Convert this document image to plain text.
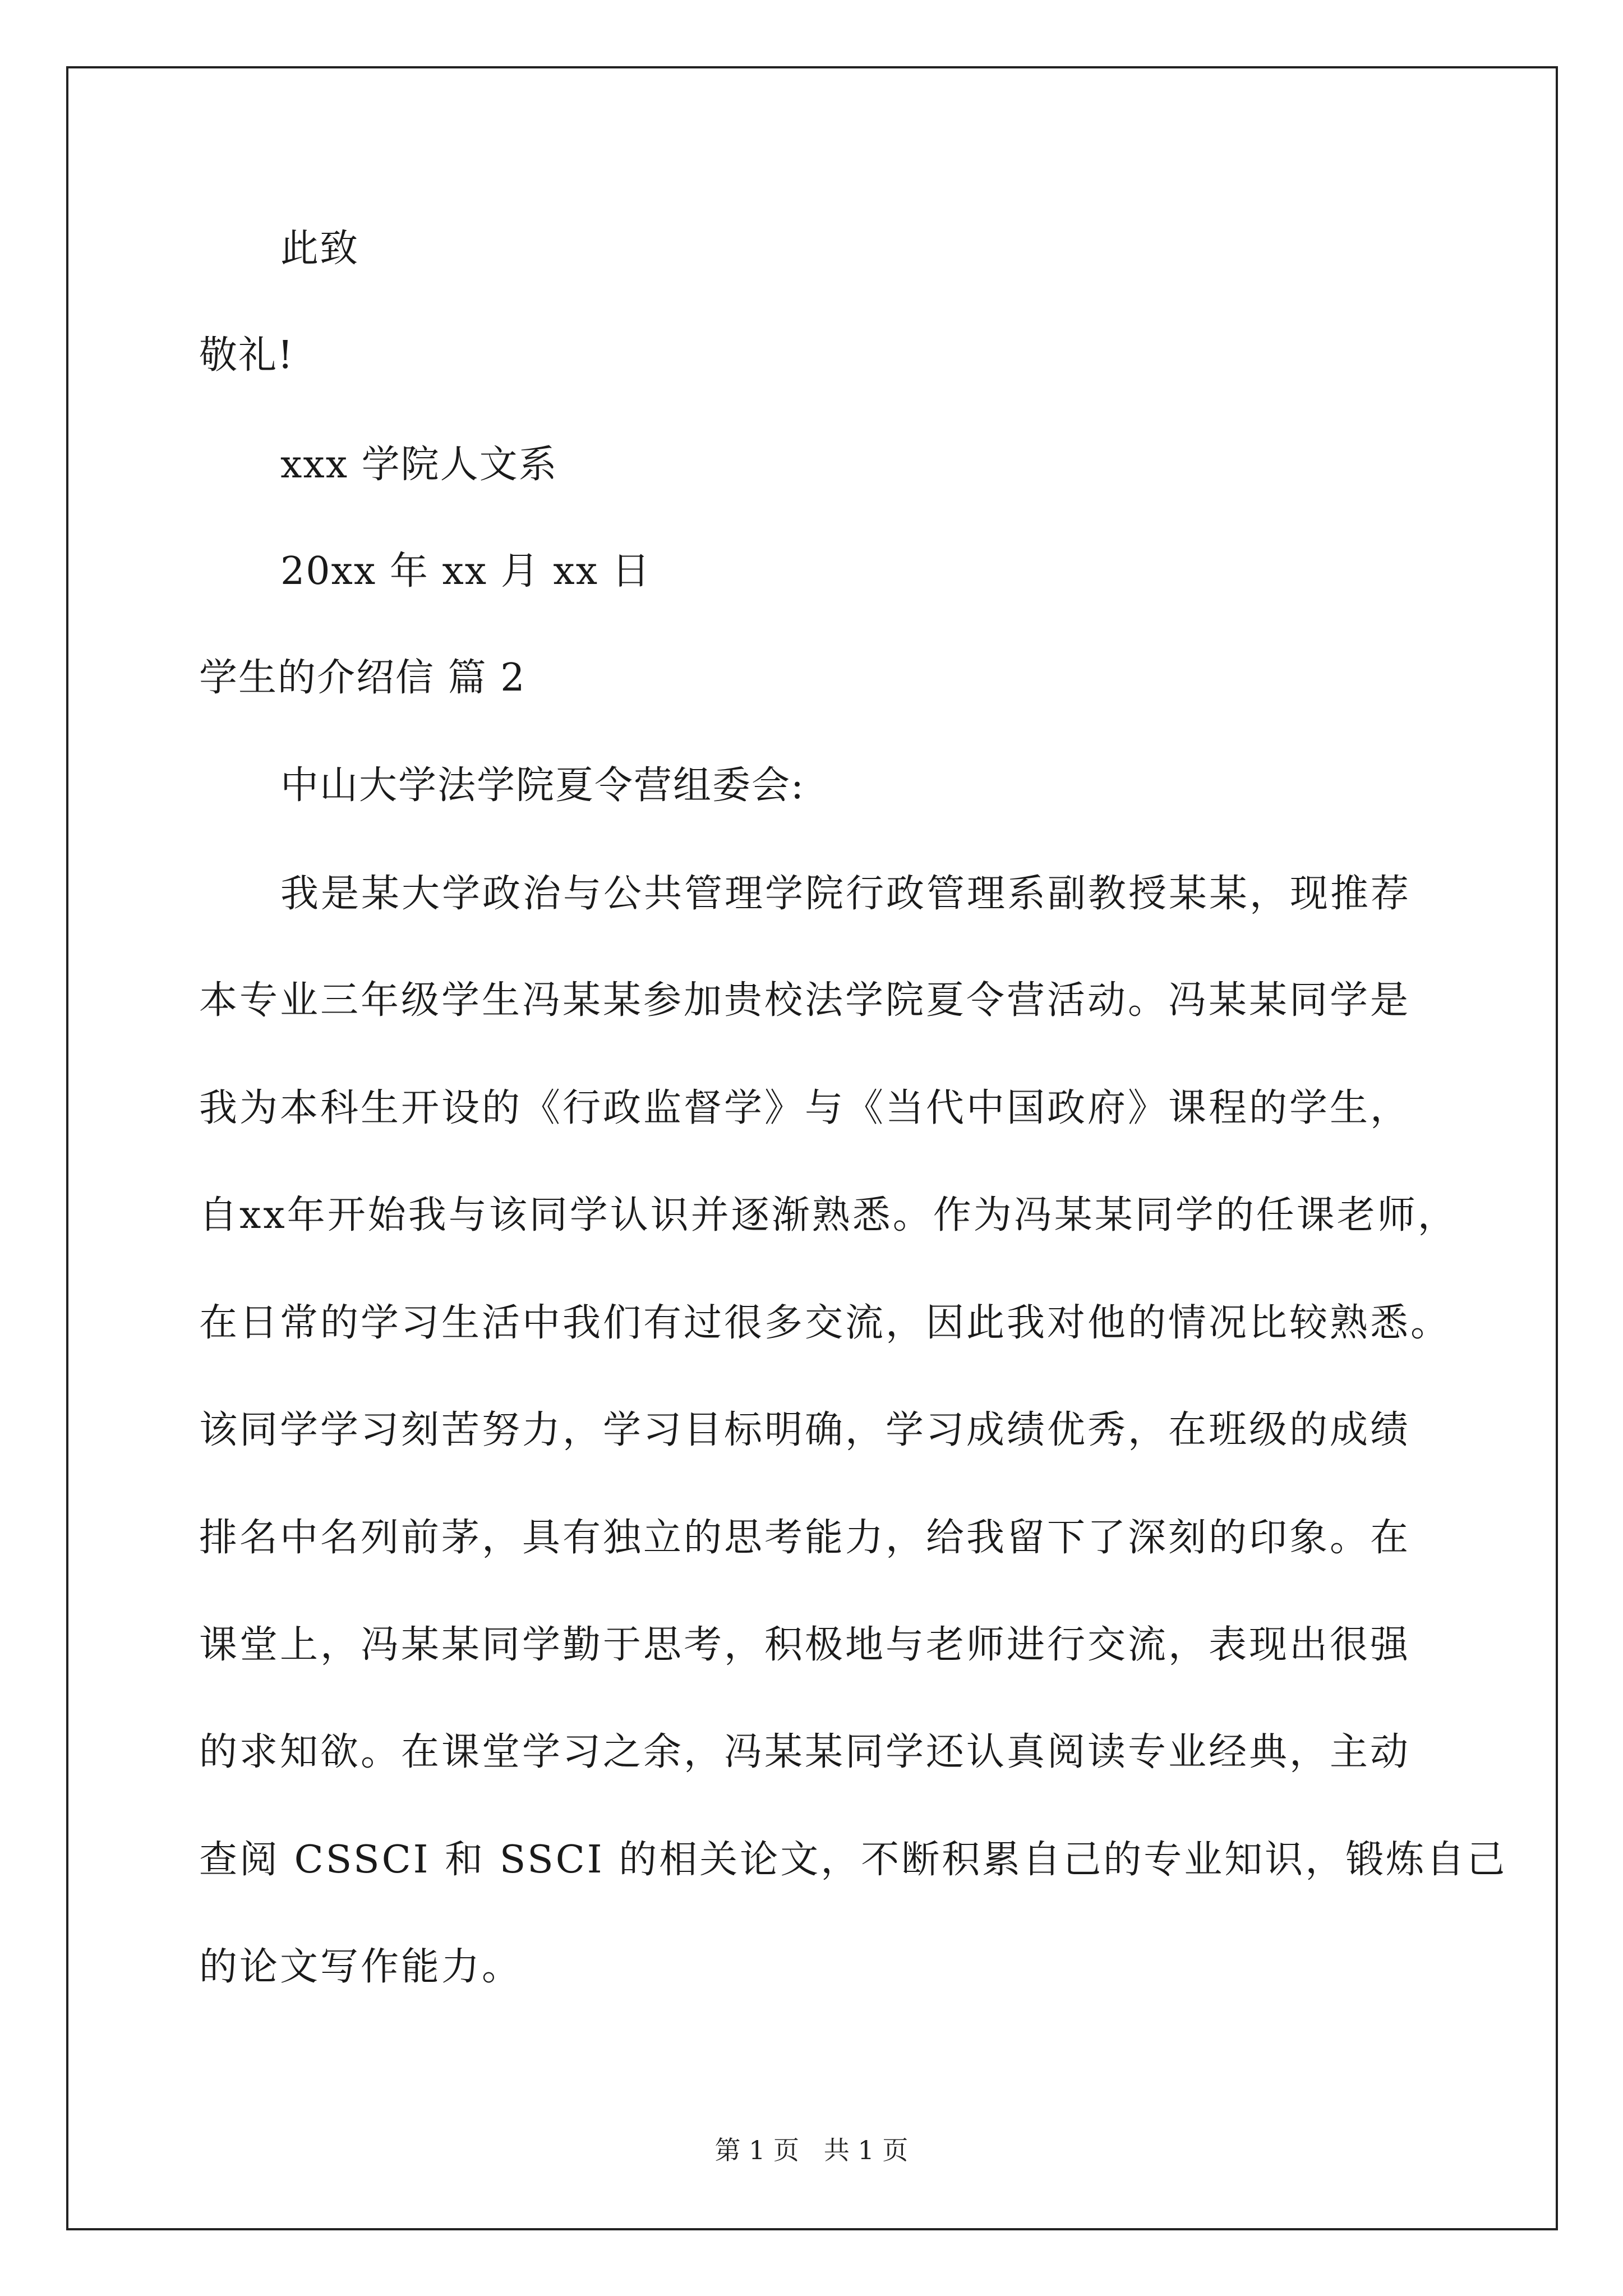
此致
敬礼!
xxx 学院人文系
20xx 年 xx 月 xx 日
学生的介绍信 篇 2
中山大学法学院夏令营组委会:
我是某大学政治与公共管理学院行政管理系副教授某某，现推荐
本专业三年级学生冯某某参加贵校法学院夏令营活动。冯某某同学是
我为本科生开设的《行政监督学》与《当代中国政府》课程的学生，
自xx年开始我与该同学认识并逐渐熟悉。作为冯某某同学的任课老师，
在日常的学习生活中我们有过很多交流，因此我对他的情况比较熟悉。
该同学学习刻苦努力，学习目标明确，学习成绩优秀，在班级的成绩
排名中名列前茅，具有独立的思考能力，给我留下了深刻的印象。在
课堂上，冯某某同学勤于思考，积极地与老师进行交流，表现出很强
的求知欲。在课堂学习之余，冯某某同学还认真阅读专业经典，主动
查阅 CSSCI 和 SSCI 的相关论文，不断积累自己的专业知识，锻炼自己
的论文写作能力。
第 1 页   共 1 页
